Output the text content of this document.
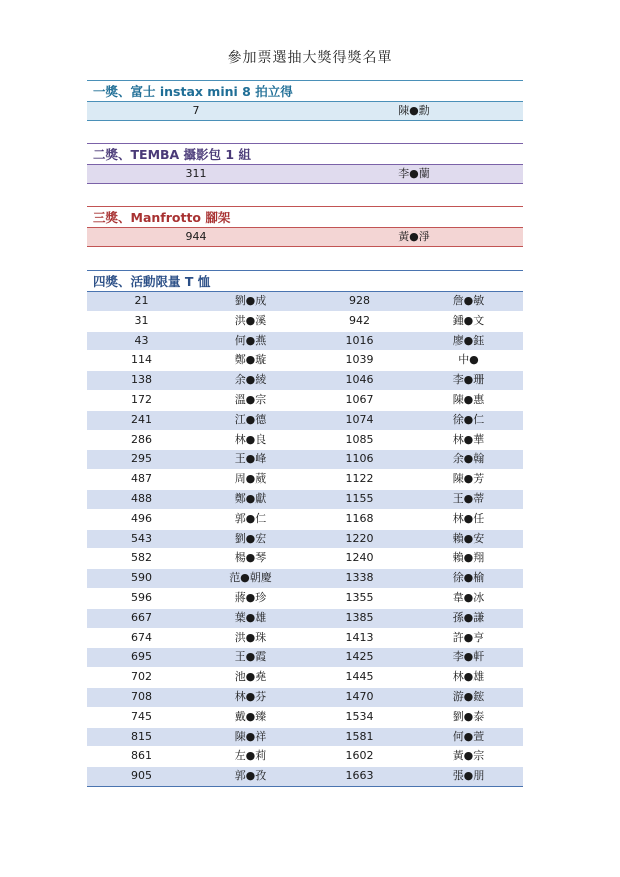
參加票選抽大獎得獎名單
一獎、富士 instax mini 8 拍立得
7	陳●勳
二獎、TEMBA 攝影包 1 組
311	李●蘭
三獎、Manfrotto 腳架
944	黃●淨
四獎、活動限量 T 恤
21	劉●成	928	詹●敏
31	洪●溪	942	鍾●文
43	何●燕	1016	廖●鈺
114	鄭●璇	1039	中●
138	余●綾	1046	李●珊
172	溫●宗	1067	陳●惠
241	江●德	1074	徐●仁
286	林●良	1085	林●華
295	王●峰	1106	余●翰
487	周●葳	1122	陳●芳
488	鄭●獻	1155	王●蒂
496	郭●仁	1168	林●任
543	劉●宏	1220	賴●安
582	楊●琴	1240	賴●翔
590	范●朝慶	1338	徐●榆
596	蔣●珍	1355	韋●冰
667	葉●雄	1385	孫●謙
674	洪●珠	1413	許●亨
695	王●霞	1425	李●軒
702	池●堯	1445	林●雄
708	林●芬	1470	游●鋐
745	戴●臻	1534	劉●泰
815	陳●祥	1581	何●萱
861	左●莉	1602	黃●宗
905	郭●孜	1663	張●朋
